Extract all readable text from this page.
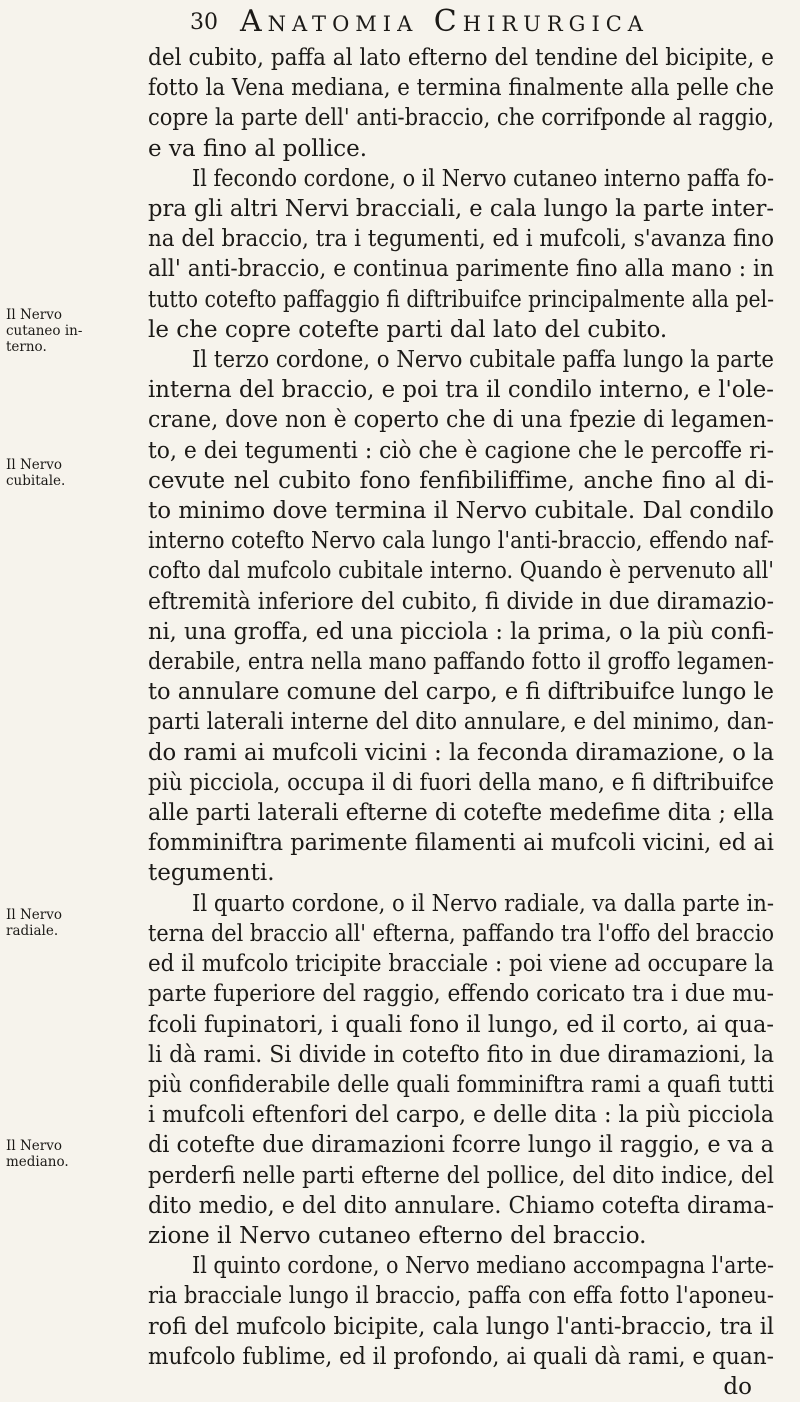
30 Anatomia Chirurgica
del cubito, paffa al lato efterno del tendine del bicipite, e
fotto la Vena mediana, e termina finalmente alla pelle che
copre la parte dell' anti-braccio, che corrifponde al raggio,
e va fino al pollice.
Il fecondo cordone, o il Nervo cutaneo interno paffa fo-
pra gli altri Nervi bracciali, e cala lungo la parte inter-
na del braccio, tra i tegumenti, ed i mufcoli, s'avanza fino
all' anti-braccio, e continua parimente fino alla mano : in
tutto cotefto paffaggio fi diftribuifce principalmente alla pel-
le che copre cotefte parti dal lato del cubito.
Il terzo cordone, o Nervo cubitale paffa lungo la parte
interna del braccio, e poi tra il condilo interno, e l'ole-
crane, dove non è coperto che di una fpezie di legamen-
to, e dei tegumenti : ciò che è cagione che le percoffe ri-
cevute nel cubito fono fenfibiliffime, anche fino al di-
to minimo dove termina il Nervo cubitale. Dal condilo
interno cotefto Nervo cala lungo l'anti-braccio, effendo naf-
cofto dal mufcolo cubitale interno. Quando è pervenuto all'
eftremità inferiore del cubito, fi divide in due diramazio-
ni, una groffa, ed una picciola : la prima, o la più confi-
derabile, entra nella mano paffando fotto il groffo legamen-
to annulare comune del carpo, e fi diftribuifce lungo le
parti laterali interne del dito annulare, e del minimo, dan-
do rami ai mufcoli vicini : la feconda diramazione, o la
più picciola, occupa il di fuori della mano, e fi diftribuifce
alle parti laterali efterne di cotefte medefime dita ; ella
fomminiftra parimente filamenti ai mufcoli vicini, ed ai
tegumenti.
Il quarto cordone, o il Nervo radiale, va dalla parte in-
terna del braccio all' efterna, paffando tra l'offo del braccio
ed il mufcolo tricipite bracciale : poi viene ad occupare la
parte fuperiore del raggio, effendo coricato tra i due mu-
fcoli fupinatori, i quali fono il lungo, ed il corto, ai qua-
li dà rami. Si divide in cotefto fito in due diramazioni, la
più confiderabile delle quali fomminiftra rami a quafi tutti
i mufcoli eftenfori del carpo, e delle dita : la più picciola
di cotefte due diramazioni fcorre lungo il raggio, e va a
perderfi nelle parti efterne del pollice, del dito indice, del
dito medio, e del dito annulare. Chiamo cotefta dirama-
zione il Nervo cutaneo efterno del braccio.
Il quinto cordone, o Nervo mediano accompagna l'arte-
ria bracciale lungo il braccio, paffa con effa fotto l'aponeu-
rofi del mufcolo bicipite, cala lungo l'anti-braccio, tra il
mufcolo fublime, ed il profondo, ai quali dà rami, e quan-
do
Il Nervo
cutaneo in-
terno.
Il Nervo
cubitale.
Il Nervo
radiale.
Il Nervo
mediano.
